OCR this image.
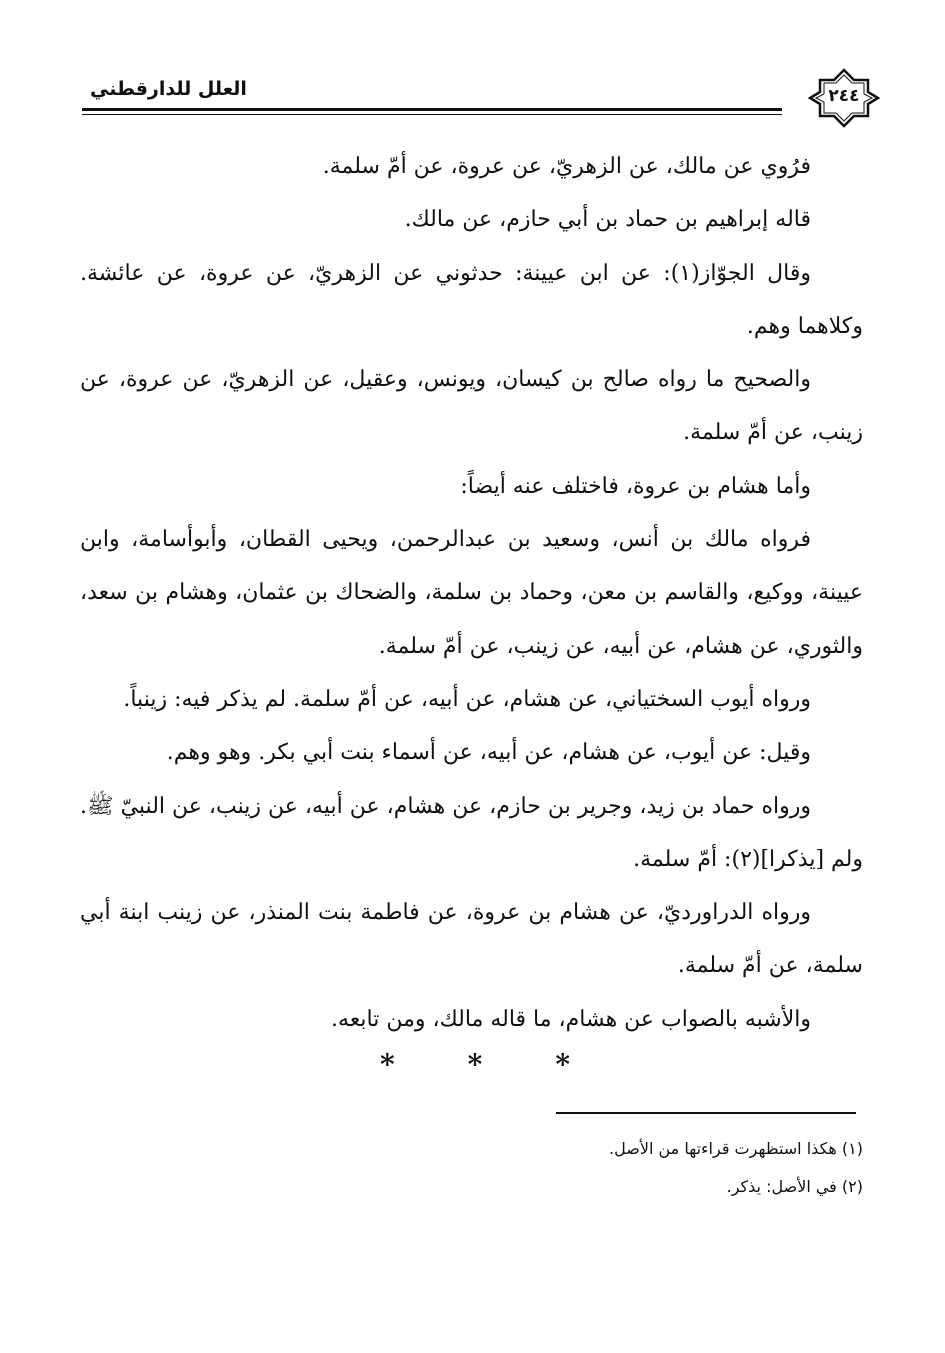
العلل للدارقطني	٢٤٤

فرُوي عن مالك، عن الزهريّ، عن عروة، عن أمّ سلمة.

قاله إبراهيم بن حماد بن أبي حازم، عن مالك.

وقال الجوّاز(١): عن ابن عيينة: حدثوني عن الزهريّ، عن عروة، عن عائشة. وكلاهما وهم.

والصحيح ما رواه صالح بن كيسان، ويونس، وعقيل، عن الزهريّ، عن عروة، عن زينب، عن أمّ سلمة.

وأما هشام بن عروة، فاختلف عنه أيضاً:

فرواه مالك بن أنس، وسعيد بن عبدالرحمن، ويحيى القطان، وأبوأسامة، وابن عيينة، ووكيع، والقاسم بن معن، وحماد بن سلمة، والضحاك بن عثمان، وهشام بن سعد، والثوري، عن هشام، عن أبيه، عن زينب، عن أمّ سلمة.

ورواه أيوب السختياني، عن هشام، عن أبيه، عن أمّ سلمة. لم يذكر فيه: زينباً.

وقيل: عن أيوب، عن هشام، عن أبيه، عن أسماء بنت أبي بكر. وهو وهم.

ورواه حماد بن زيد، وجرير بن حازم، عن هشام، عن أبيه، عن زينب، عن النبيّ ﷺ. ولم [يذكرا](٢): أمّ سلمة.

ورواه الدراورديّ، عن هشام بن عروة، عن فاطمة بنت المنذر، عن زينب ابنة أبي سلمة، عن أمّ سلمة.

والأشبه بالصواب عن هشام، ما قاله مالك، ومن تابعه.

*	*	*
(١) هكذا استظهرت قراءتها من الأصل.
(٢) في الأصل: يذكر.
